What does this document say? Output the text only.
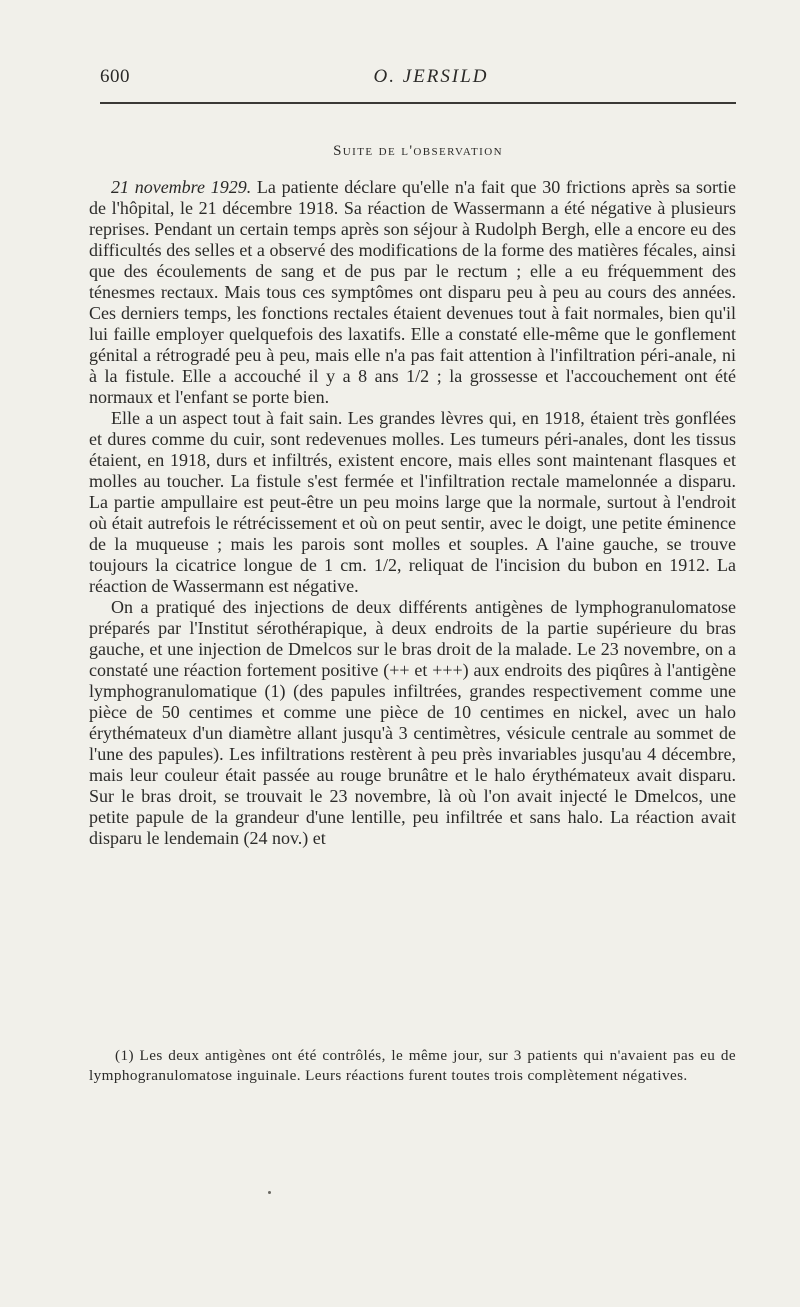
600	O. JERSILD
Suite de l'observation

21 novembre 1929. La patiente déclare qu'elle n'a fait que 30 frictions après sa sortie de l'hôpital, le 21 décembre 1918. Sa réaction de Wassermann a été négative à plusieurs reprises. Pendant un certain temps après son séjour à Rudolph Bergh, elle a encore eu des difficultés des selles et a observé des modifications de la forme des matières fécales, ainsi que des écoulements de sang et de pus par le rectum ; elle a eu fréquemment des ténesmes rectaux. Mais tous ces symptômes ont disparu peu à peu au cours des années. Ces derniers temps, les fonctions rectales étaient devenues tout à fait normales, bien qu'il lui faille employer quelquefois des laxatifs. Elle a constaté elle-même que le gonflement génital a rétrogradé peu à peu, mais elle n'a pas fait attention à l'infiltration péri-anale, ni à la fistule. Elle a accouché il y a 8 ans 1/2 ; la grossesse et l'accouchement ont été normaux et l'enfant se porte bien.

Elle a un aspect tout à fait sain. Les grandes lèvres qui, en 1918, étaient très gonflées et dures comme du cuir, sont redevenues molles. Les tumeurs péri-anales, dont les tissus étaient, en 1918, durs et infiltrés, existent encore, mais elles sont maintenant flasques et molles au toucher. La fistule s'est fermée et l'infiltration rectale mamelonnée a disparu. La partie ampullaire est peut-être un peu moins large que la normale, surtout à l'endroit où était autrefois le rétrécissement et où on peut sentir, avec le doigt, une petite éminence de la muqueuse ; mais les parois sont molles et souples. A l'aine gauche, se trouve toujours la cicatrice longue de 1 cm. 1/2, reliquat de l'incision du bubon en 1912. La réaction de Wassermann est négative.

On a pratiqué des injections de deux différents antigènes de lymphogranulomatose préparés par l'Institut sérothérapique, à deux endroits de la partie supérieure du bras gauche, et une injection de Dmelcos sur le bras droit de la malade. Le 23 novembre, on a constaté une réaction fortement positive (++ et +++) aux endroits des piqûres à l'antigène lymphogranulomatique (1) (des papules infiltrées, grandes respectivement comme une pièce de 50 centimes et comme une pièce de 10 centimes en nickel, avec un halo érythémateux d'un diamètre allant jusqu'à 3 centimètres, vésicule centrale au sommet de l'une des papules). Les infiltrations restèrent à peu près invariables jusqu'au 4 décembre, mais leur couleur était passée au rouge brunâtre et le halo érythémateux avait disparu. Sur le bras droit, se trouvait le 23 novembre, là où l'on avait injecté le Dmelcos, une petite papule de la grandeur d'une lentille, peu infiltrée et sans halo. La réaction avait disparu le lendemain (24 nov.) et

(1) Les deux antigènes ont été contrôlés, le même jour, sur 3 patients qui n'avaient pas eu de lymphogranulomatose inguinale. Leurs réactions furent toutes trois complètement négatives.
